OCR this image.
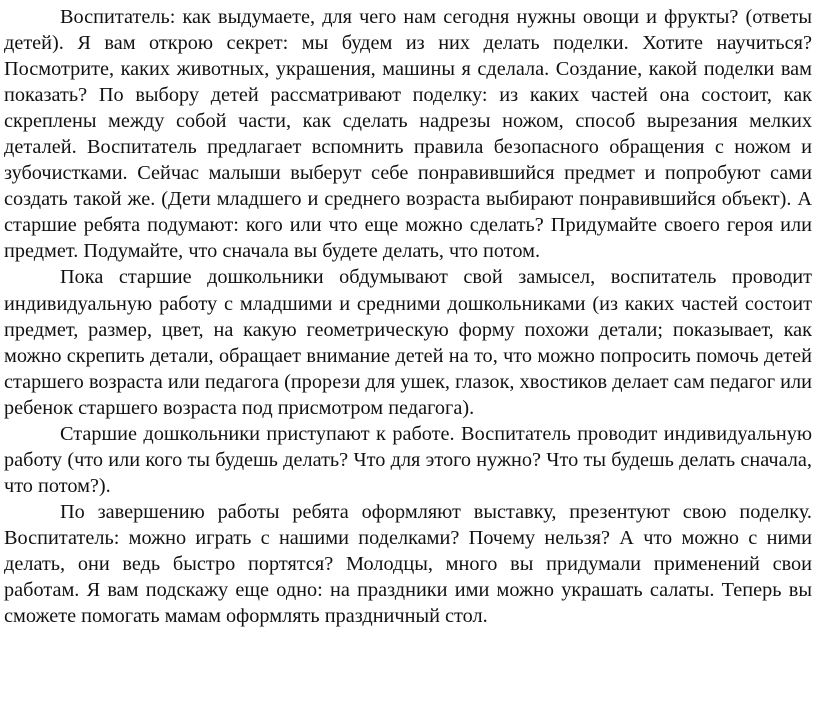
Воспитатель: как выдумаете, для чего нам сегодня нужны овощи и фрукты? (ответы детей). Я вам открою секрет: мы будем из них делать поделки. Хотите научиться? Посмотрите, каких животных, украшения, машины я сделала. Создание, какой поделки вам показать? По выбору детей рассматривают поделку: из каких частей она состоит, как скреплены между собой части, как сделать надрезы ножом, способ вырезания мелких деталей. Воспитатель предлагает вспомнить правила безопасного обращения с ножом и зубочистками. Сейчас малыши выберут себе понравившийся предмет и попробуют сами создать такой же. (Дети младшего и среднего возраста выбирают понравившийся объект). А старшие ребята подумают: кого или что еще можно сделать? Придумайте своего героя или предмет. Подумайте, что сначала вы будете делать, что потом.

Пока старшие дошкольники обдумывают свой замысел, воспитатель проводит индивидуальную работу с младшими и средними дошкольниками (из каких частей состоит предмет, размер, цвет, на какую геометрическую форму похожи детали; показывает, как можно скрепить детали, обращает внимание детей на то, что можно попросить помочь детей старшего возраста или педагога (прорези для ушек, глазок, хвостиков делает сам педагог или ребенок старшего возраста под присмотром педагога).

Старшие дошкольники приступают к работе. Воспитатель проводит индивидуальную работу (что или кого ты будешь делать? Что для этого нужно? Что ты будешь делать сначала, что потом?).

По завершению работы ребята оформляют выставку, презентуют свою поделку. Воспитатель: можно играть с нашими поделками? Почему нельзя? А что можно с ними делать, они ведь быстро портятся? Молодцы, много вы придумали применений свои работам. Я вам подскажу еще одно: на праздники ими можно украшать салаты. Теперь вы сможете помогать мамам оформлять праздничный стол.
